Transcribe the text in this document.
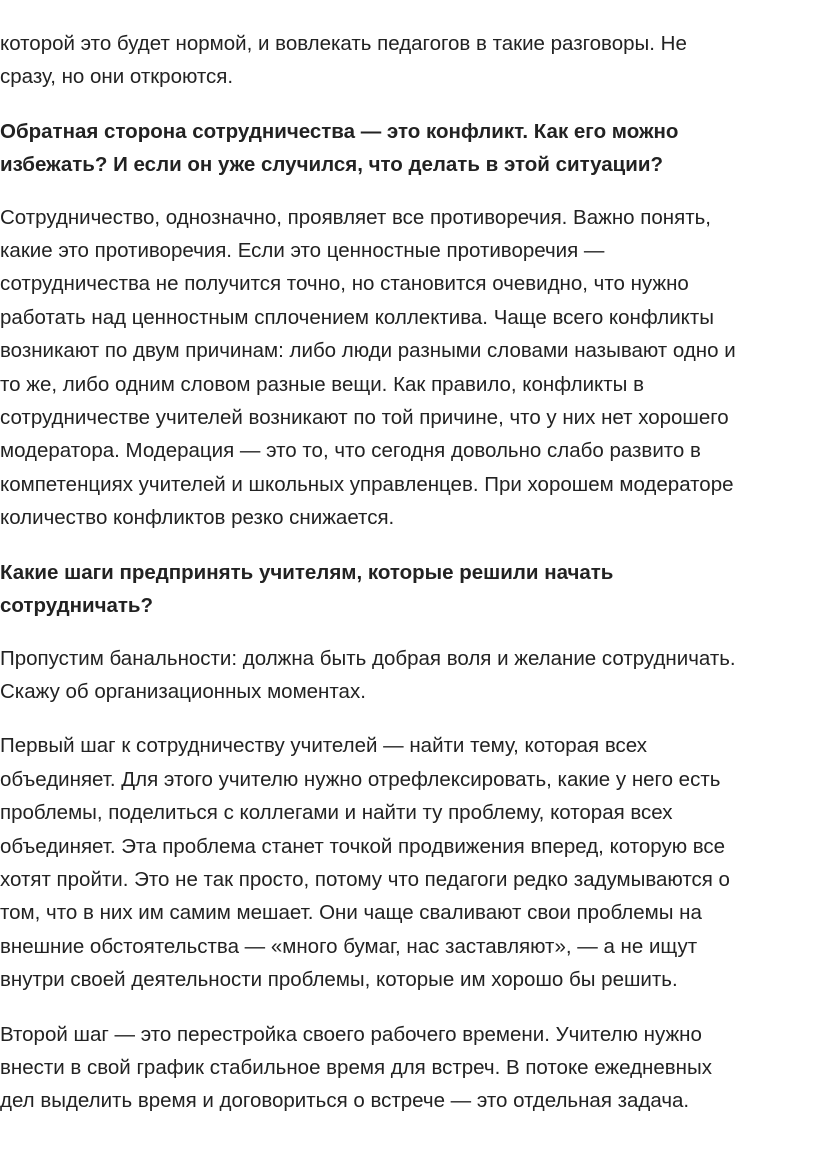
которой это будет нормой, и вовлекать педагогов в такие разговоры. Не
сразу, но они откроются.
Обратная сторона сотрудничества — это конфликт. Как его можно
избежать? И если он уже случился, что делать в этой ситуации?
Сотрудничество, однозначно, проявляет все противоречия. Важно понять,
какие это противоречия. Если это ценностные противоречия —
сотрудничества не получится точно, но становится очевидно, что нужно
работать над ценностным сплочением коллектива. Чаще всего конфликты
возникают по двум причинам: либо люди разными словами называют одно и
то же, либо одним словом разные вещи. Как правило, конфликты в
сотрудничестве учителей возникают по той причине, что у них нет хорошего
модератора. Модерация — это то, что сегодня довольно слабо развито в
компетенциях учителей и школьных управленцев. При хорошем модераторе
количество конфликтов резко снижается.
Какие шаги предпринять учителям, которые решили начать
сотрудничать?
Пропустим банальности: должна быть добрая воля и желание сотрудничать.
Скажу об организационных моментах.
Первый шаг к сотрудничеству учителей — найти тему, которая всех
объединяет. Для этого учителю нужно отрефлексировать, какие у него есть
проблемы, поделиться с коллегами и найти ту проблему, которая всех
объединяет. Эта проблема станет точкой продвижения вперед, которую все
хотят пройти. Это не так просто, потому что педагоги редко задумываются о
том, что в них им самим мешает. Они чаще сваливают свои проблемы на
внешние обстоятельства — «много бумаг, нас заставляют», — а не ищут
внутри своей деятельности проблемы, которые им хорошо бы решить.
Второй шаг — это перестройка своего рабочего времени. Учителю нужно
внести в свой график стабильное время для встреч. В потоке ежедневных
дел выделить время и договориться о встрече — это отдельная задача.
